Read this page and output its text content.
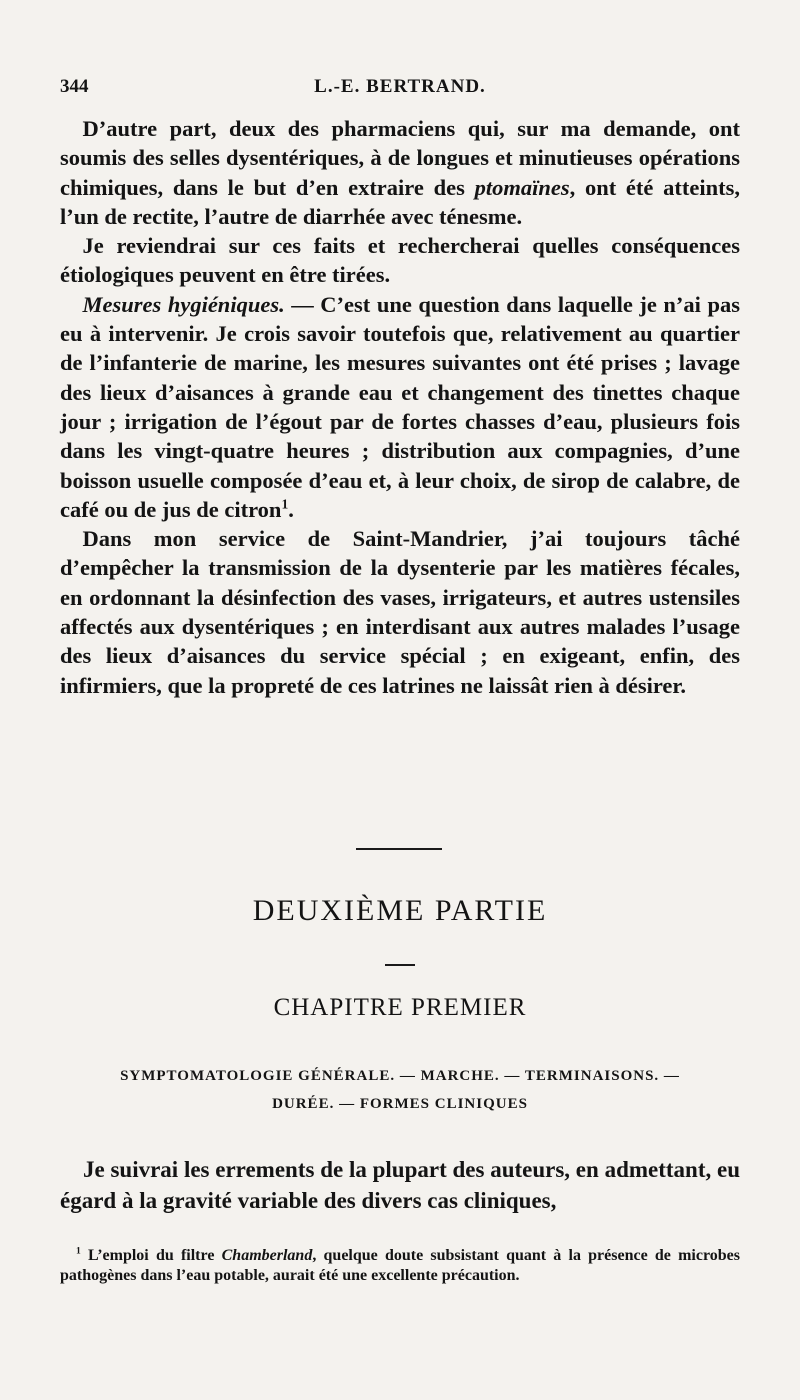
344	L.-E. BERTRAND.

D’autre part, deux des pharmaciens qui, sur ma demande, ont soumis des selles dysentériques, à de longues et minutieuses opérations chimiques, dans le but d’en extraire des ptomaïnes, ont été atteints, l’un de rectite, l’autre de diarrhée avec ténesme.

Je reviendrai sur ces faits et rechercherai quelles conséquences étiologiques peuvent en être tirées.

Mesures hygiéniques. — C’est une question dans laquelle je n’ai pas eu à intervenir. Je crois savoir toutefois que, relativement au quartier de l’infanterie de marine, les mesures suivantes ont été prises ; lavage des lieux d’aisances à grande eau et changement des tinettes chaque jour ; irrigation de l’égout par de fortes chasses d’eau, plusieurs fois dans les vingt-quatre heures ; distribution aux compagnies, d’une boisson usuelle composée d’eau et, à leur choix, de sirop de calabre, de café ou de jus de citron$^1$.

Dans mon service de Saint-Mandrier, j’ai toujours tâché d’empêcher la transmission de la dysenterie par les matières fécales, en ordonnant la désinfection des vases, irrigateurs, et autres ustensiles affectés aux dysentériques ; en interdisant aux autres malades l’usage des lieux d’aisances du service spécial ; en exigeant, enfin, des infirmiers, que la propreté de ces latrines ne laissât rien à désirer.

DEUXIÈME PARTIE
CHAPITRE PREMIER
SYMPTOMATOLOGIE GÉNÉRALE. — MARCHE. — TERMINAISONS. —
DURÉE. — FORMES CLINIQUES

Je suivrai les errements de la plupart des auteurs, en admettant, eu égard à la gravité variable des divers cas cliniques,

$^1$ L’emploi du filtre Chamberland, quelque doute subsistant quant à la présence de microbes pathogènes dans l’eau potable, aurait été une excellente précaution.
